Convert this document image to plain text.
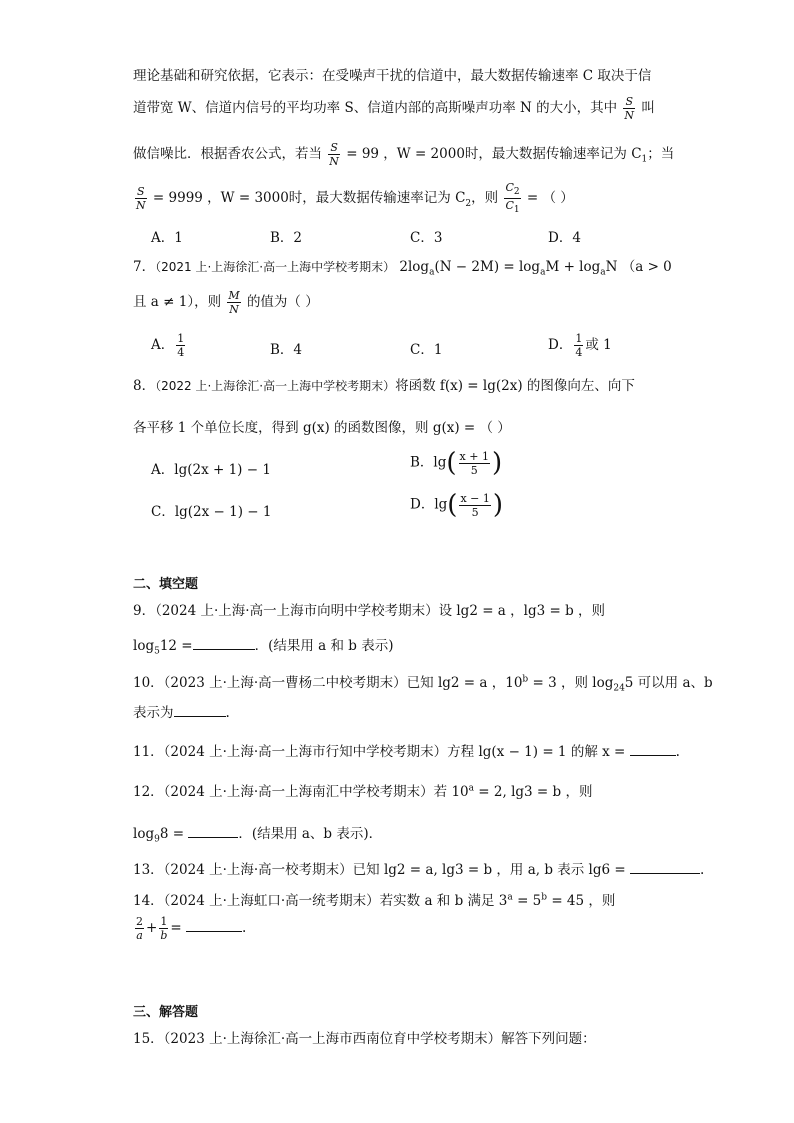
理论基础和研究依据，它表示：在受噪声干扰的信道中，最大数据传输速率 C 取决于信
道带宽 W、信道内信号的平均功率 S、信道内部的高斯噪声功率 N 的大小，其中 $\frac{S}{N}$ 叫
做信噪比．根据香农公式，若当 $\frac{S}{N} = 99$ ，W = 2000时，最大数据传输速率记为 $C_1$；当
$\frac{S}{N} = 9999$ ，W = 3000时，最大数据传输速率记为 $C_2$，则 $\frac{C_2}{C_1}$ = （ ）
A．1	B．2	C．3	D．4
7．（2021 上·上海徐汇·高一上海中学校考期末） $2\log_a(N - 2M) = \log_aM + \log_aN$ （a > 0
且 a ≠ 1），则 $\frac{M}{N}$ 的值为（ ）
A． $\frac{1}{4}$	B．4	C．1	D． $\frac{1}{4}$ 或 1
8．（2022 上·上海徐汇·高一上海中学校考期末）将函数 f(x) = lg(2x) 的图像向左、向下
各平移 1 个单位长度，得到 g(x) 的函数图像，则 g(x) = （ ）
A．lg(2x + 1) − 1	B．$\lg( \frac{x + 1}{5}$ )
C．lg(2x − 1) − 1	D．$\lg( \frac{x - 1}{5}$ )
二、填空题
9．（2024 上·上海·高一上海市向明中学校考期末）设 lg2 = a ，lg3 = b ，则
$\log_512$ =	．(结果用 a 和 b 表示)
10．（2023 上·上海·高一曹杨二中校考期末）已知 lg2 = a ，$10^b = 3$ ，则 $\log_{24}5$ 可以用 a、b
表示为	.
11．（2024 上·上海·高一上海市行知中学校考期末）方程 lg(x − 1) = 1 的解 x =	.
12．（2024 上·上海·高一上海南汇中学校考期末）若 $10^a = 2$, lg3 = b ，则
$\log_98$ =	．(结果用 a、b 表示)．
13．（2024 上·上海·高一校考期末）已知 lg2 = a, lg3 = b ，用 a, b 表示 lg6 =	.
14．（2024 上·上海虹口·高一统考期末）若实数 a 和 b 满足 $3^a = 5^b = 45$ ，则
$\frac{2}{a} + \frac{1}{b}$ =	.
三、解答题
15．（2023 上·上海徐汇·高一上海市西南位育中学校考期末）解答下列问题：
